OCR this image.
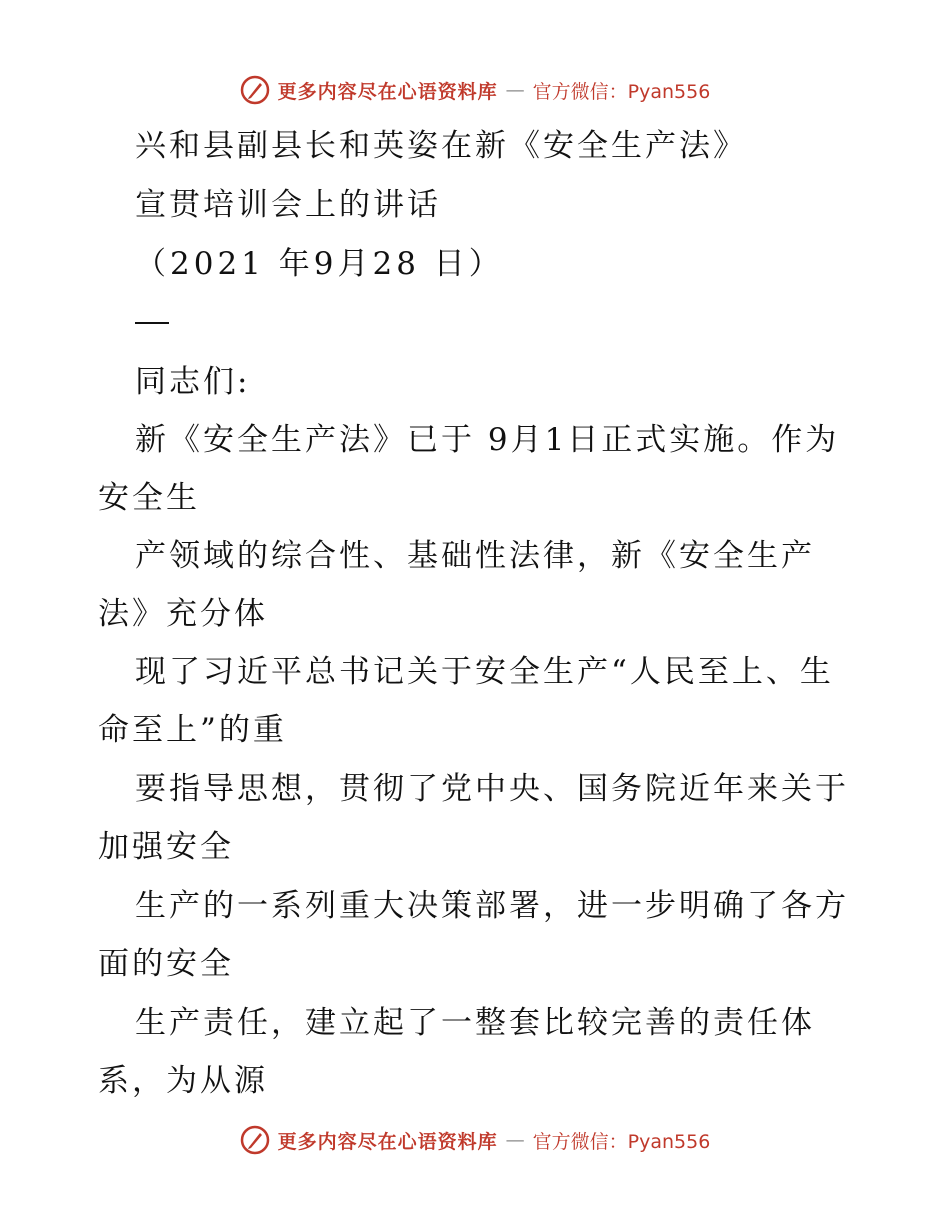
更多内容尽在心语资料库 — 官方微信：Pyan556
兴和县副县长和英姿在新《安全生产法》
宣贯培训会上的讲话
（2021 年9月28 日）
同志们:
新《安全生产法》已于 9月1日正式实施。作为
安全生
产领域的综合性、基础性法律，新《安全生产
法》充分体
现了习近平总书记关于安全生产“人民至上、生
命至上”的重
要指导思想，贯彻了党中央、国务院近年来关于
加强安全
生产的一系列重大决策部署，进一步明确了各方
面的安全
生产责任，建立起了一整套比较完善的责任体
系，为从源
更多内容尽在心语资料库 — 官方微信：Pyan556
